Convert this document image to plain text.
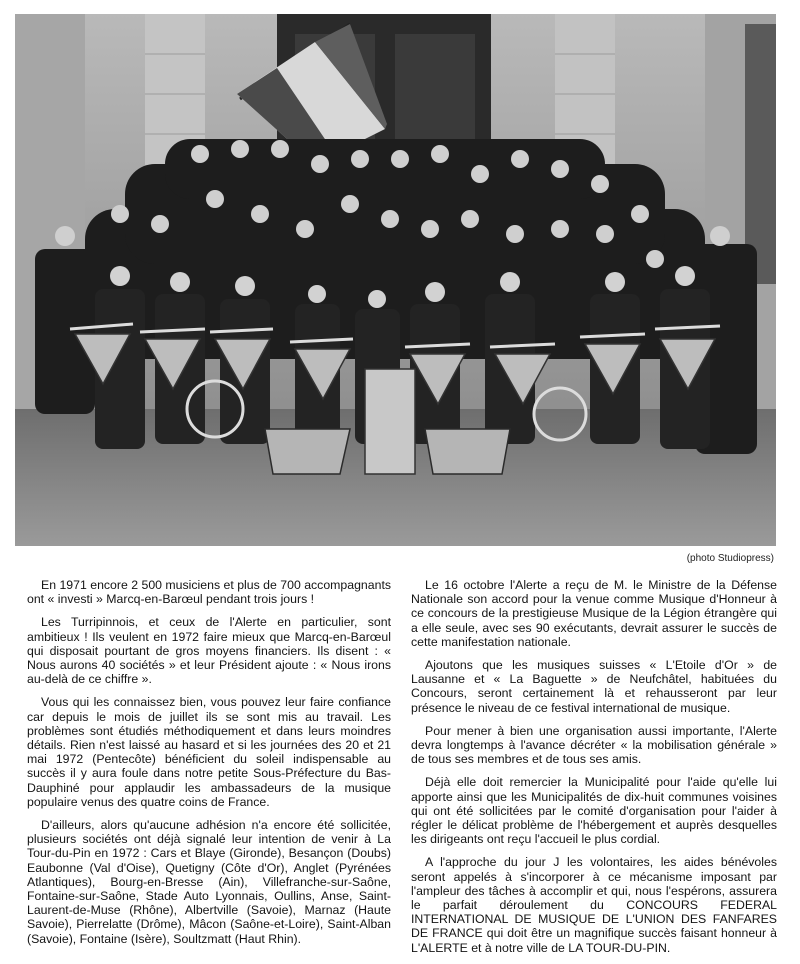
(photo Studiopress)

En 1971 encore 2 500 musiciens et plus de 700 accompagnants ont « investi » Marcq-en-Barœul pendant trois jours !

Les Turripinnois, et ceux de l'Alerte en particulier, sont ambitieux ! Ils veulent en 1972 faire mieux que Marcq-en-Barœul qui disposait pourtant de gros moyens financiers. Ils disent : « Nous aurons 40 sociétés » et leur Président ajoute : « Nous irons au-delà de ce chiffre ».

Vous qui les connaissez bien, vous pouvez leur faire confiance car depuis le mois de juillet ils se sont mis au travail. Les problèmes sont étudiés méthodiquement et dans leurs moindres détails. Rien n'est laissé au hasard et si les journées des 20 et 21 mai 1972 (Pentecôte) bénéficient du soleil indispensable au succès il y aura foule dans notre petite Sous-Préfecture du Bas-Dauphiné pour applaudir les ambassadeurs de la musique populaire venus des quatre coins de France.

D'ailleurs, alors qu'aucune adhésion n'a encore été sollicitée, plusieurs sociétés ont déjà signalé leur intention de venir à La Tour-du-Pin en 1972 : Cars et Blaye (Gironde), Besançon (Doubs) Eaubonne (Val d'Oise), Quetigny (Côte d'Or), Anglet (Pyrénées Atlantiques), Bourg-en-Bresse (Ain), Villefranche-sur-Saône, Fontaine-sur-Saône, Stade Auto Lyonnais, Oullins, Anse, Saint-Laurent-de-Muse (Rhône), Albertville (Savoie), Marnaz (Haute Savoie), Pierrelatte (Drôme), Mâcon (Saône-et-Loire), Saint-Alban (Savoie), Fontaine (Isère), Soultzmatt (Haut Rhin).

Le 16 octobre l'Alerte a reçu de M. le Ministre de la Défense Nationale son accord pour la venue comme Musique d'Honneur à ce concours de la prestigieuse Musique de la Légion étrangère qui a elle seule, avec ses 90 exécutants, devrait assurer le succès de cette manifestation nationale.

Ajoutons que les musiques suisses « L'Etoile d'Or » de Lausanne et « La Baguette » de Neufchâtel, habituées du Concours, seront certainement là et rehausseront par leur présence le niveau de ce festival international de musique.

Pour mener à bien une organisation aussi importante, l'Alerte devra longtemps à l'avance décréter « la mobilisation générale » de tous ses membres et de tous ses amis.

Déjà elle doit remercier la Municipalité pour l'aide qu'elle lui apporte ainsi que les Municipalités de dix-huit communes voisines qui ont été sollicitées par le comité d'organisation pour l'aider à régler le délicat problème de l'hébergement et auprès desquelles les dirigeants ont reçu l'accueil le plus cordial.

A l'approche du jour J les volontaires, les aides bénévoles seront appelés à s'incorporer à ce mécanisme imposant par l'ampleur des tâches à accomplir et qui, nous l'espérons, assurera le parfait déroulement du CONCOURS FEDERAL INTERNATIONAL DE MUSIQUE DE L'UNION DES FANFARES DE FRANCE qui doit être un magnifique succès faisant honneur à L'ALERTE et à notre ville de LA TOUR-DU-PIN.
